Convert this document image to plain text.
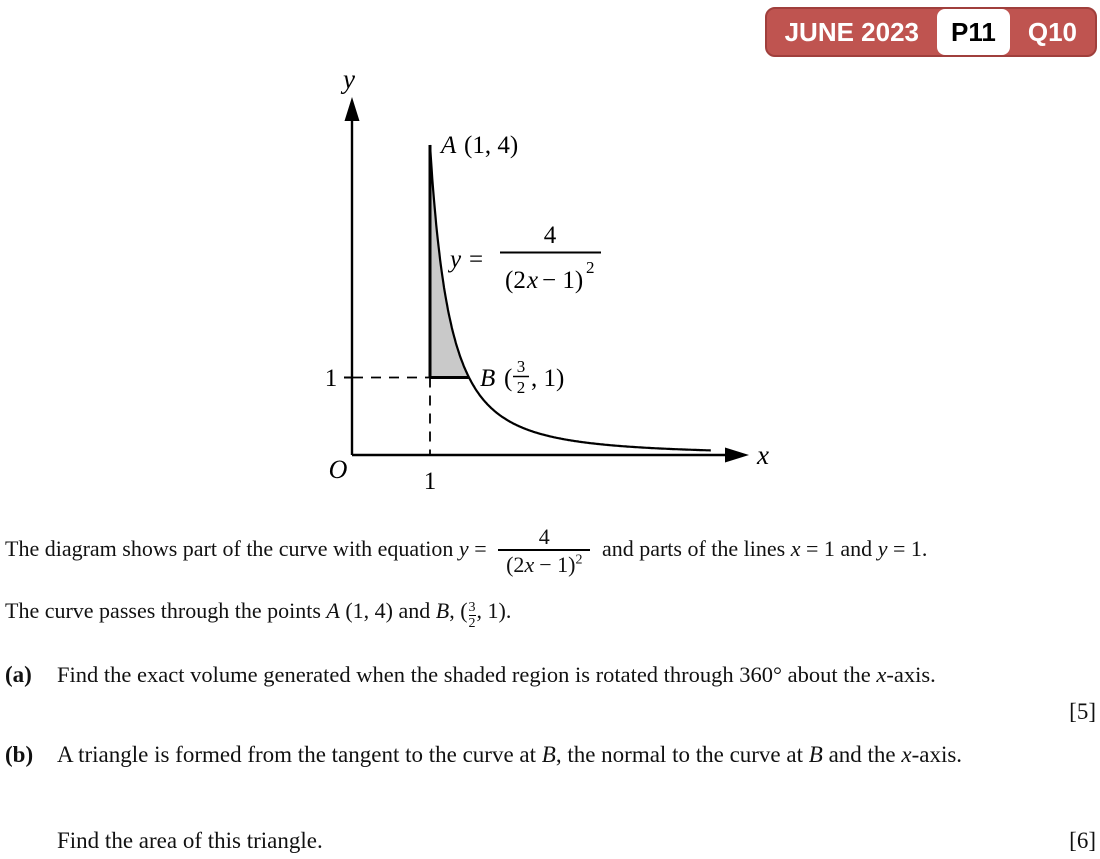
JUNE 2023	P11	Q10
y
x
O	1
1
A (1, 4)
y =
4
(2 x − 1) 2
B ( 3
2 , 1)
The diagram shows part of the curve with equation $y = \frac{4}{(2x - 1)^2}$ and parts of the lines x = 1 and y = 1.
The curve passes through the points A (1, 4) and B, ($\frac{3}{2}$ , 1).
(a) Find the exact volume generated when the shaded region is rotated through 360° about the x-axis.
[5]
(b) A triangle is formed from the tangent to the curve at B, the normal to the curve at B and the x-axis.
Find the area of this triangle.	[6]
